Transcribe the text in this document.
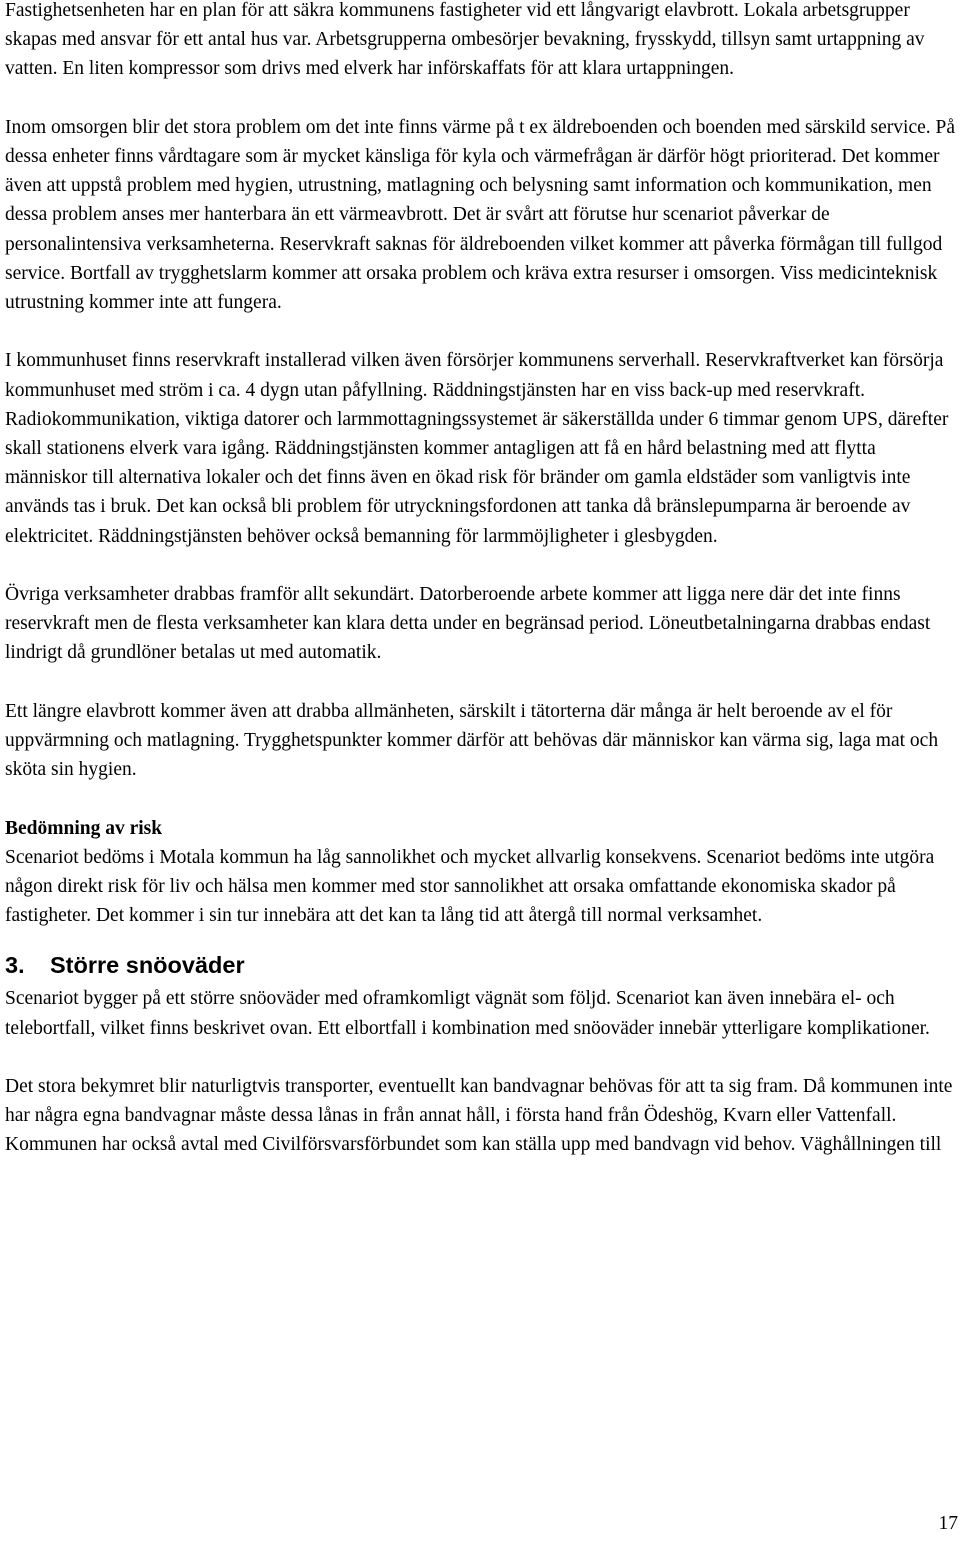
Fastighetsenheten har en plan för att säkra kommunens fastigheter vid ett långvarigt elavbrott. Lokala arbetsgrupper skapas med ansvar för ett antal hus var. Arbetsgrupperna ombesörjer bevakning, frysskydd, tillsyn samt urtappning av vatten. En liten kompressor som drivs med elverk har införskaffats för att klara urtappningen.

Inom omsorgen blir det stora problem om det inte finns värme på t ex äldreboenden och boenden med särskild service. På dessa enheter finns vårdtagare som är mycket känsliga för kyla och värmefrågan är därför högt prioriterad. Det kommer även att uppstå problem med hygien, utrustning, matlagning och belysning samt information och kommunikation, men dessa problem anses mer hanterbara än ett värmeavbrott. Det är svårt att förutse hur scenariot påverkar de personalintensiva verksamheterna. Reservkraft saknas för äldreboenden vilket kommer att påverka förmågan till fullgod service. Bortfall av trygghetslarm kommer att orsaka problem och kräva extra resurser i omsorgen. Viss medicinteknisk utrustning kommer inte att fungera.

I kommunhuset finns reservkraft installerad vilken även försörjer kommunens serverhall. Reservkraftverket kan försörja kommunhuset med ström i ca. 4 dygn utan påfyllning. Räddningstjänsten har en viss back-up med reservkraft. Radiokommunikation, viktiga datorer och larmmottagningssystemet är säkerställda under 6 timmar genom UPS, därefter skall stationens elverk vara igång. Räddningstjänsten kommer antagligen att få en hård belastning med att flytta människor till alternativa lokaler och det finns även en ökad risk för bränder om gamla eldstäder som vanligtvis inte används tas i bruk. Det kan också bli problem för utryckningsfordonen att tanka då bränslepumparna är beroende av elektricitet. Räddningstjänsten behöver också bemanning för larmmöjligheter i glesbygden.

Övriga verksamheter drabbas framför allt sekundärt. Datorberoende arbete kommer att ligga nere där det inte finns reservkraft men de flesta verksamheter kan klara detta under en begränsad period. Löneutbetalningarna drabbas endast lindrigt då grundlöner betalas ut med automatik.

Ett längre elavbrott kommer även att drabba allmänheten, särskilt i tätorterna där många är helt beroende av el för uppvärmning och matlagning. Trygghetspunkter kommer därför att behövas där människor kan värma sig, laga mat och sköta sin hygien.

Bedömning av risk

Scenariot bedöms i Motala kommun ha låg sannolikhet och mycket allvarlig konsekvens. Scenariot bedöms inte utgöra någon direkt risk för liv och hälsa men kommer med stor sannolikhet att orsaka omfattande ekonomiska skador på fastigheter. Det kommer i sin tur innebära att det kan ta lång tid att återgå till normal verksamhet.

3. Större snöoväder

Scenariot bygger på ett större snöoväder med oframkomligt vägnät som följd. Scenariot kan även innebära el- och telebortfall, vilket finns beskrivet ovan. Ett elbortfall i kombination med snöoväder innebär ytterligare komplikationer.

Det stora bekymret blir naturligtvis transporter, eventuellt kan bandvagnar behövas för att ta sig fram. Då kommunen inte har några egna bandvagnar måste dessa lånas in från annat håll, i första hand från Ödeshög, Kvarn eller Vattenfall. Kommunen har också avtal med Civilförsvarsförbundet som kan ställa upp med bandvagn vid behov. Väghållningen till

17
